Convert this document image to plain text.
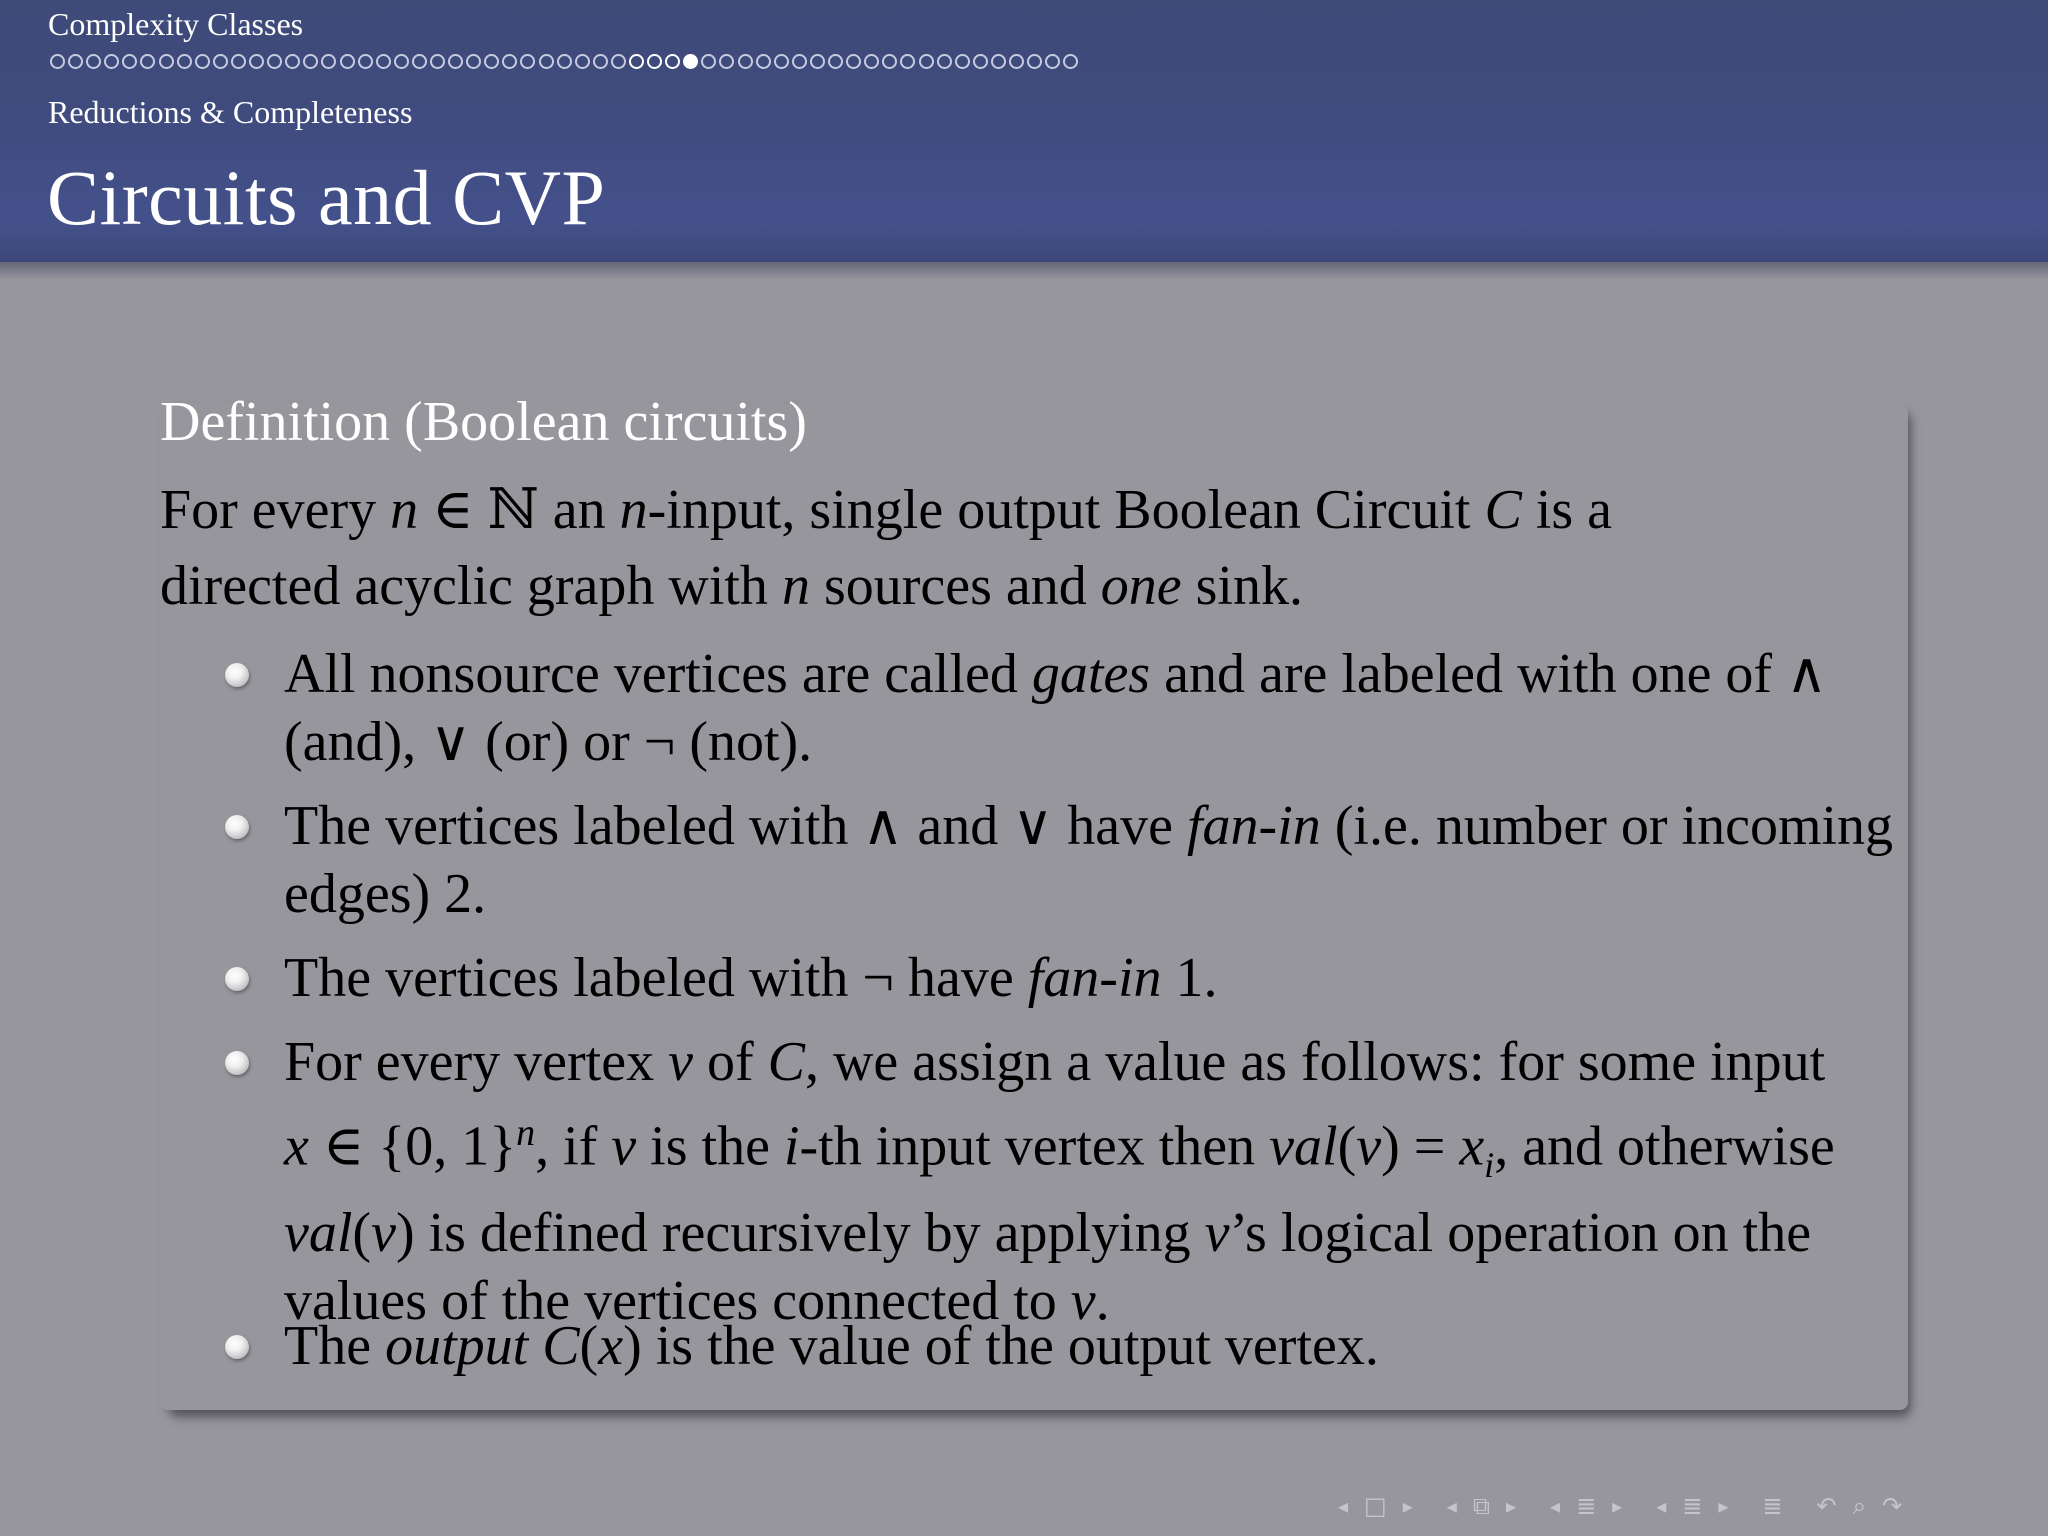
Complexity Classes
Reductions & Completeness
Circuits and CVP
Definition (Boolean circuits)
For every n ∈ ℕ an n-input, single output Boolean Circuit C is a
directed acyclic graph with n sources and one sink.
All nonsource vertices are called gates and are labeled with one of ∧
(and), ∨ (or) or ¬ (not).
The vertices labeled with ∧ and ∨ have fan-in (i.e. number or incoming
edges) 2.
The vertices labeled with ¬ have fan-in 1.
For every vertex v of C, we assign a value as follows: for some input
x ∈ {0, 1}$^n$, if v is the i-th input vertex then $val(v) = x_i$, and otherwise
val(v) is defined recursively by applying v’s logical operation on the
values of the vertices connected to v.
The output C(x) is the value of the output vertex.
◂ □ ▸ ◂ ⧉ ▸ ◂ ≣ ▸ ◂ ≣ ▸ ≣ ↶ ⌕ ↷
